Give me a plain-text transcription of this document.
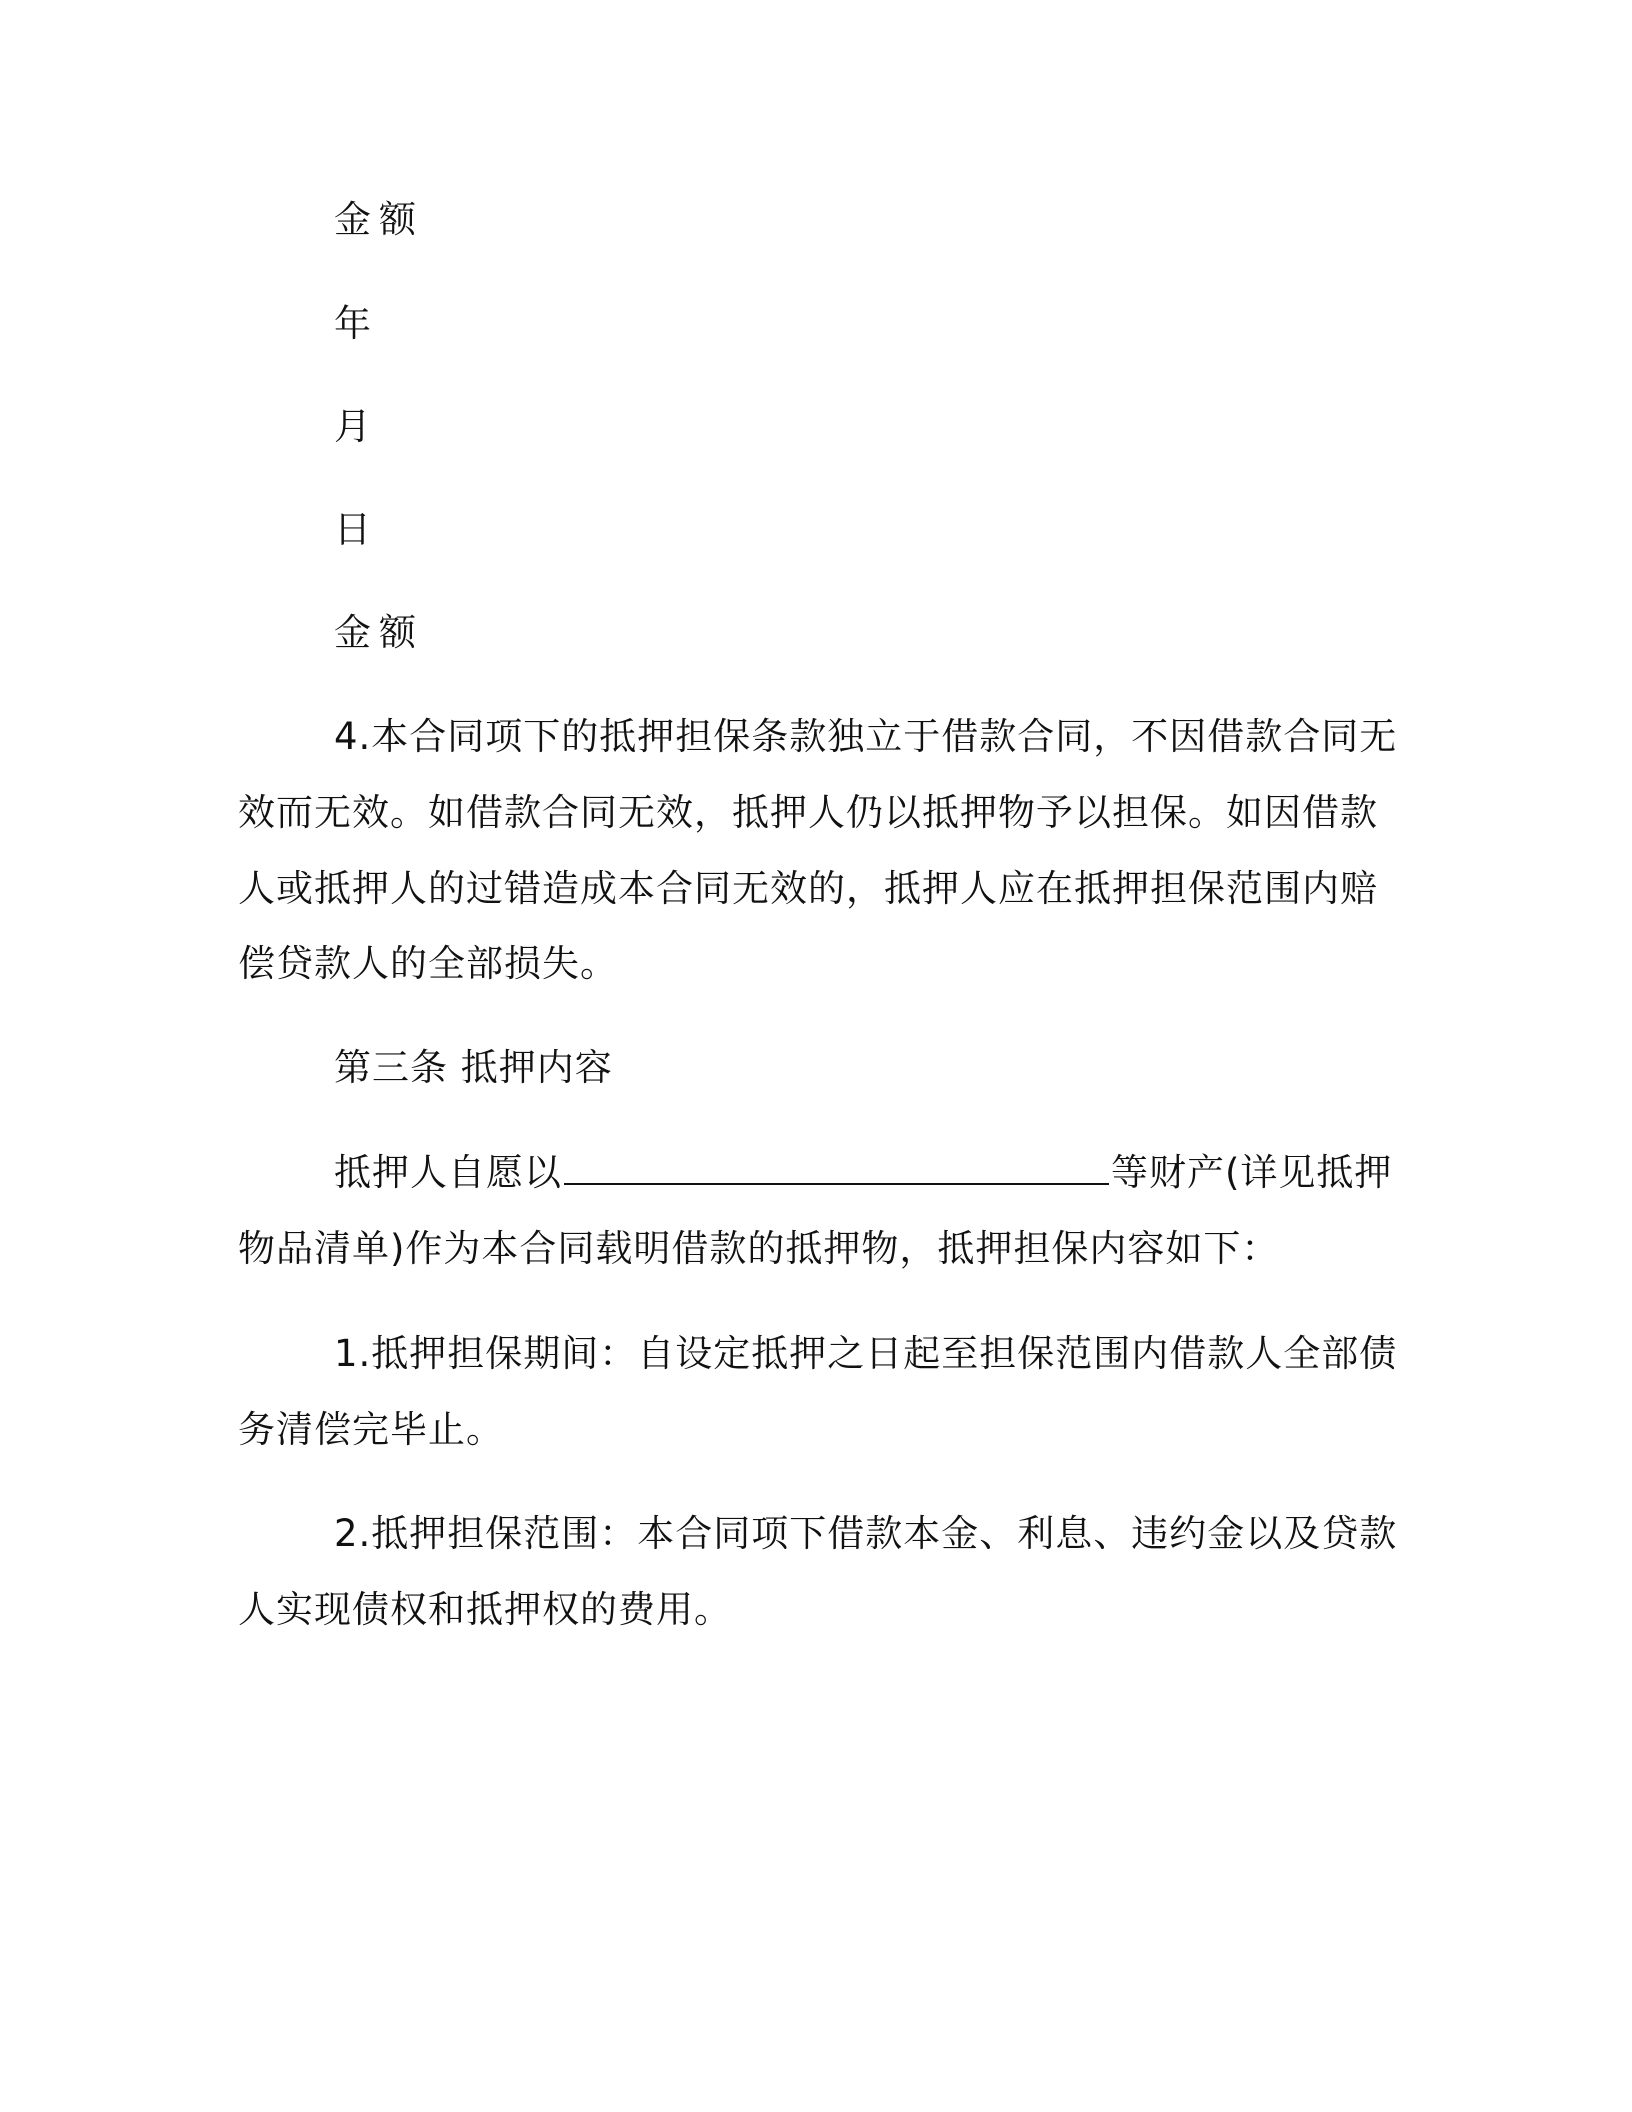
金额
年
月
日
金额
4.本合同项下的抵押担保条款独立于借款合同，不因借款合同无
效而无效。如借款合同无效，抵押人仍以抵押物予以担保。如因借款
人或抵押人的过错造成本合同无效的，抵押人应在抵押担保范围内赔
偿贷款人的全部损失。
第三条 抵押内容
抵押人自愿以	等财产(详见抵押
物品清单)作为本合同载明借款的抵押物，抵押担保内容如下：
1.抵押担保期间：自设定抵押之日起至担保范围内借款人全部债
务清偿完毕止。
2.抵押担保范围：本合同项下借款本金、利息、违约金以及贷款
人实现债权和抵押权的费用。
